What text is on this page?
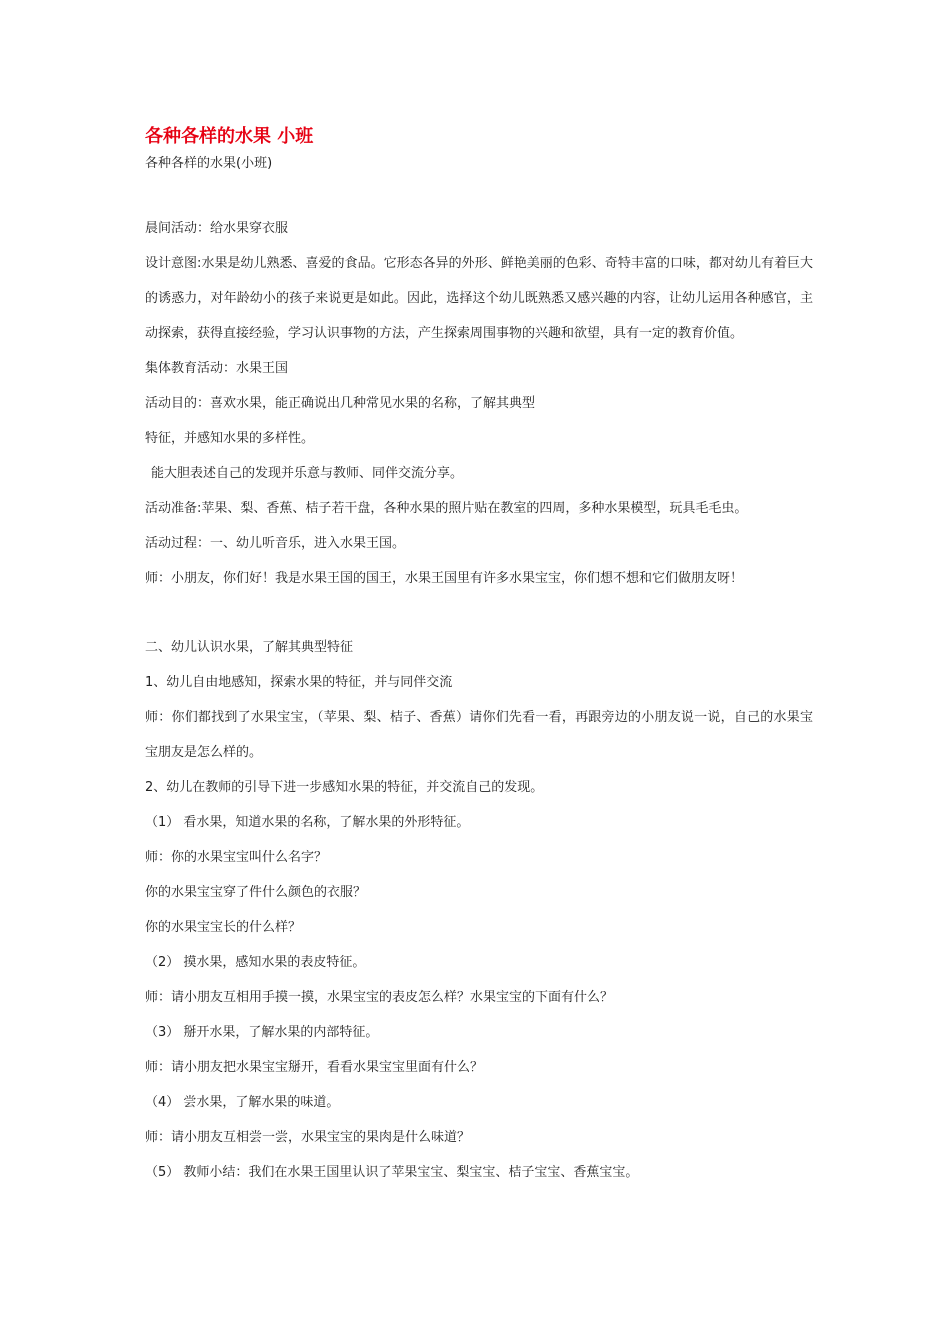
各种各样的水果 小班

各种各样的水果(小班)

晨间活动：给水果穿衣服

设计意图:水果是幼儿熟悉、喜爱的食品。它形态各异的外形、鲜艳美丽的色彩、奇特丰富的口味，都对幼儿有着巨大的诱惑力，对年龄幼小的孩子来说更是如此。因此，选择这个幼儿既熟悉又感兴趣的内容，让幼儿运用各种感官，主动探索，获得直接经验，学习认识事物的方法，产生探索周围事物的兴趣和欲望，具有一定的教育价值。

集体教育活动：水果王国

活动目的：喜欢水果，能正确说出几种常见水果的名称，了解其典型

特征，并感知水果的多样性。

能大胆表述自己的发现并乐意与教师、同伴交流分享。

活动准备:苹果、梨、香蕉、桔子若干盘，各种水果的照片贴在教室的四周，多种水果模型，玩具毛毛虫。

活动过程：一、幼儿听音乐，进入水果王国。

师：小朋友，你们好！我是水果王国的国王，水果王国里有许多水果宝宝，你们想不想和它们做朋友呀！

二、幼儿认识水果，了解其典型特征

1、幼儿自由地感知，探索水果的特征，并与同伴交流

师：你们都找到了水果宝宝，（苹果、梨、桔子、香蕉）请你们先看一看，再跟旁边的小朋友说一说，自己的水果宝宝朋友是怎么样的。

2、幼儿在教师的引导下进一步感知水果的特征，并交流自己的发现。

（1） 看水果，知道水果的名称，了解水果的外形特征。

师：你的水果宝宝叫什么名字？

你的水果宝宝穿了件什么颜色的衣服？

你的水果宝宝长的什么样？

（2） 摸水果，感知水果的表皮特征。

师：请小朋友互相用手摸一摸，水果宝宝的表皮怎么样？水果宝宝的下面有什么？

（3） 掰开水果，了解水果的内部特征。

师：请小朋友把水果宝宝掰开，看看水果宝宝里面有什么？

（4） 尝水果，了解水果的味道。

师：请小朋友互相尝一尝，水果宝宝的果肉是什么味道？

（5） 教师小结：我们在水果王国里认识了苹果宝宝、梨宝宝、桔子宝宝、香蕉宝宝。
